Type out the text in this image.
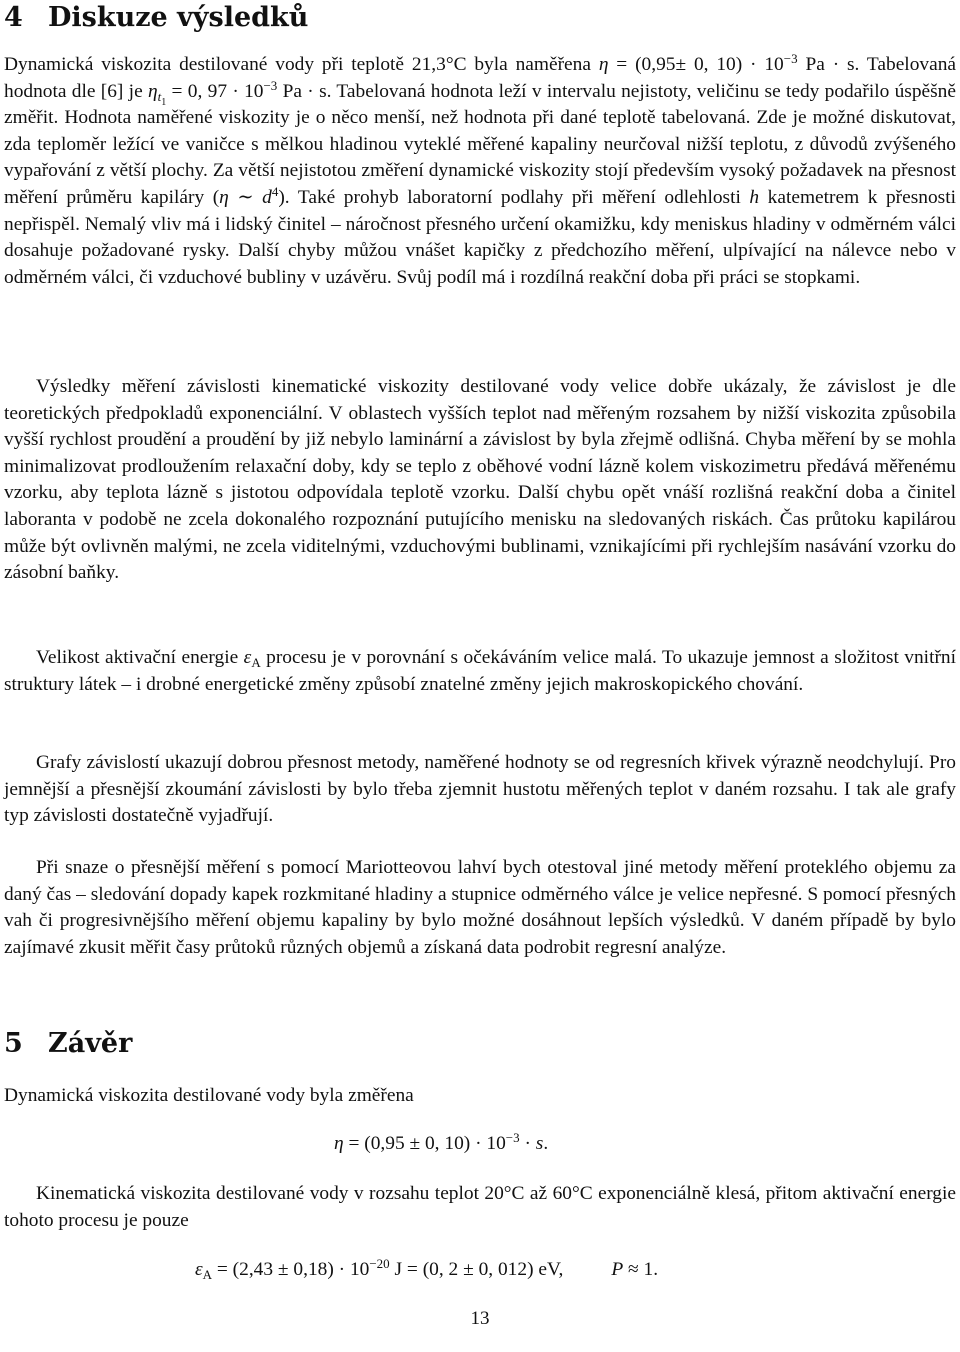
4 Diskuze výsledků

Dynamická viskozita destilované vody při teplotě 21,3°C byla naměřena η = (0,95± 0, $10) \cdot 10^{-3}$ Pa · s. Tabelovaná hodnota dle [6] je $\eta_{t_1} = 0$, $97 \cdot 10^{-3}$ Pa · s. Tabelovaná hodnota leží v intervalu nejistoty, veličinu se tedy podařilo úspěšně změřit. Hodnota naměřené viskozity je o něco menší, než hodnota při dané teplotě tabelovaná. Zde je možné diskutovat, zda teploměr ležící ve vaničce s mělkou hladinou vyteklé měřené kapaliny neurčoval nižší teplotu, z důvodů zvýšeného vypařování z větší plochy. Za větší nejistotou změření dynamické viskozity stojí především vysoký požadavek na přesnost měření průměru kapiláry (η ∼ $d^4$). Také prohyb laboratorní podlahy při měření odlehlosti h katemetrem k přesnosti nepřispěl. Nemalý vliv má i lidský činitel – náročnost přesného určení okamižku, kdy meniskus hladiny v odměrném válci dosahuje požadované rysky. Další chyby můžou vnášet kapičky z předchozího měření, ulpívající na nálevce nebo v odměrném válci, či vzduchové bubliny v uzávěru. Svůj podíl má i rozdílná reakční doba při práci se stopkami.

Výsledky měření závislosti kinematické viskozity destilované vody velice dobře ukázaly, že závislost je dle teoretických předpokladů exponenciální. V oblastech vyšších teplot nad měřeným rozsahem by nižší viskozita způsobila vyšší rychlost proudění a proudění by již nebylo laminární a závislost by byla zřejmě odlišná. Chyba měření by se mohla minimalizovat prodloužením relaxační doby, kdy se teplo z oběhové vodní lázně kolem viskozimetru předává měřenému vzorku, aby teplota lázně s jistotou odpovídala teplotě vzorku. Další chybu opět vnáší rozlišná reakční doba a činitel laboranta v podobě ne zcela dokonalého rozpoznání putujícího menisku na sledovaných riskách. Čas průtoku kapilárou může být ovlivněn malými, ne zcela viditelnými, vzduchovými bublinami, vznikajícími při rychlejším nasávání vzorku do zásobní baňky.

Velikost aktivační energie $\varepsilon_A$ procesu je v porovnání s očekáváním velice malá. To ukazuje jemnost a složitost vnitřní struktury látek – i drobné energetické změny způsobí znatelné změny jejich makroskopického chování.

Grafy závislostí ukazují dobrou přesnost metody, naměřené hodnoty se od regresních křivek výrazně neodchylují. Pro jemnější a přesnější zkoumání závislosti by bylo třeba zjemnit hustotu měřených teplot v daném rozsahu. I tak ale grafy typ závislosti dostatečně vyjadřují.

Při snaze o přesnější měření s pomocí Mariotteovou lahví bych otestoval jiné metody měření proteklého objemu za daný čas – sledování dopady kapek rozkmitané hladiny a stupnice odměrného válce je velice nepřesné. S pomocí přesných vah či progresivnějšího měření objemu kapaliny by bylo možné dosáhnout lepších výsledků. V daném případě by bylo zajímavé zkusit měřit časy průtoků různých objemů a získaná data podrobit regresní analýze.

5 Závěr

Dynamická viskozita destilované vody byla změřena

η = (0,95 ± 0, $10) \cdot 10^{-3} \cdot s$.

Kinematická viskozita destilované vody v rozsahu teplot 20°C až 60°C exponenciálně klesá, přitom aktivační energie tohoto procesu je pouze

$\varepsilon_A = (2,43 \pm 0,18) \cdot 10^{-20}$ J = (0, 2 ± 0, 012) eV, P ≈ 1.
13
